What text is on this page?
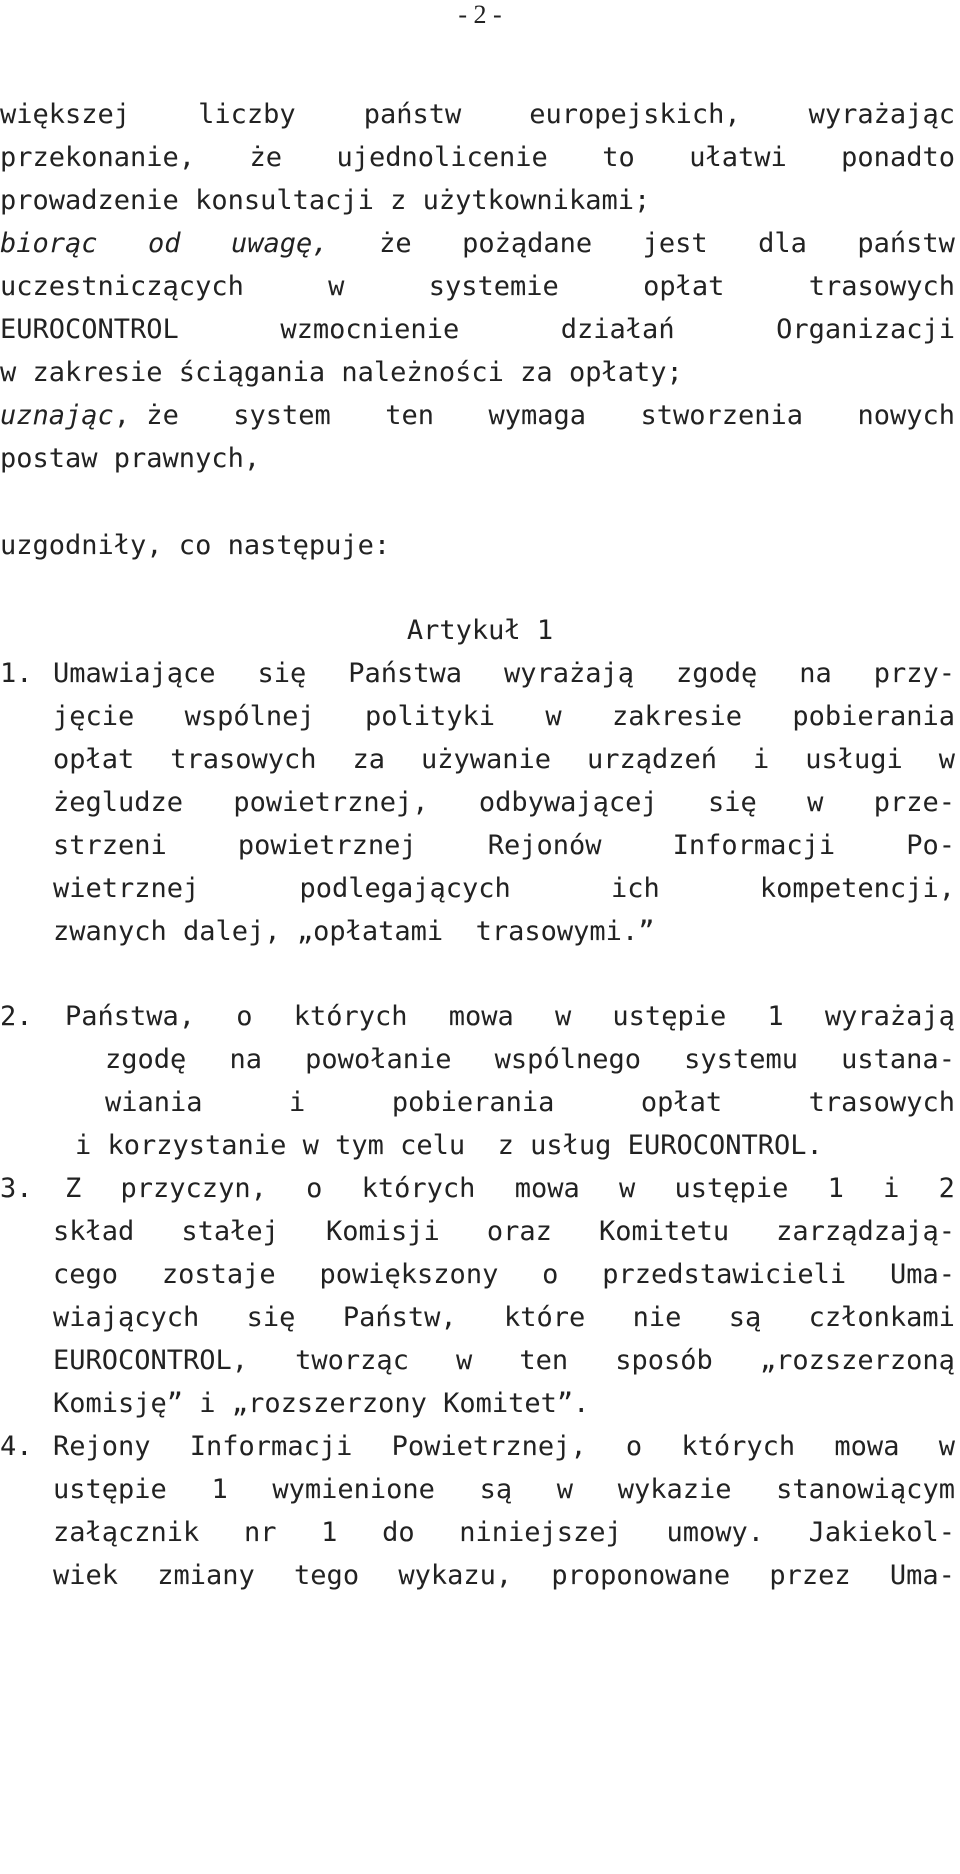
- 2 -
większej	liczby	państw	europejskich,	wyrażając
przekonanie, że ujednolicenie to ułatwi ponadto
prowadzenie konsultacji z użytkownikami;
biorąc od uwagę, że pożądane jest dla państw
uczestniczących	w	systemie	opłat	trasowych
EUROCONTROL	wzmocnienie	działań	Organizacji
w zakresie ściągania należności za opłaty;
uznając, że system ten wymaga stworzenia nowych
postaw prawnych,
uzgodniły, co następuje:
Artykuł 1
1. Umawiające się Państwa wyrażają zgodę na przy-
jęcie wspólnej polityki w zakresie pobierania
opłat trasowych za używanie urządzeń i usługi w
żegludze powietrznej, odbywającej się w prze-
strzeni	powietrznej	Rejonów	Informacji	Po-
wietrznej	podlegających	ich	kompetencji,
zwanych dalej, „opłatami  trasowymi.”
2. Państwa, o których mowa w ustępie 1 wyrażają
zgodę na powołanie wspólnego systemu ustana-
wiania	i	pobierania	opłat	trasowych
i korzystanie w tym celu  z usług EUROCONTROL.
3. Z przyczyn, o których mowa w ustępie 1 i 2
skład stałej Komisji oraz Komitetu zarządzają-
cego zostaje powiększony o przedstawicieli Uma-
wiających się Państw, które nie są członkami
EUROCONTROL, tworząc w ten sposób „rozszerzoną
Komisję” i „rozszerzony Komitet”.
4. Rejony Informacji Powietrznej, o których mowa w
ustępie 1 wymienione są w wykazie stanowiącym
załącznik nr 1 do niniejszej umowy. Jakiekol-
wiek zmiany tego wykazu, proponowane przez Uma-
